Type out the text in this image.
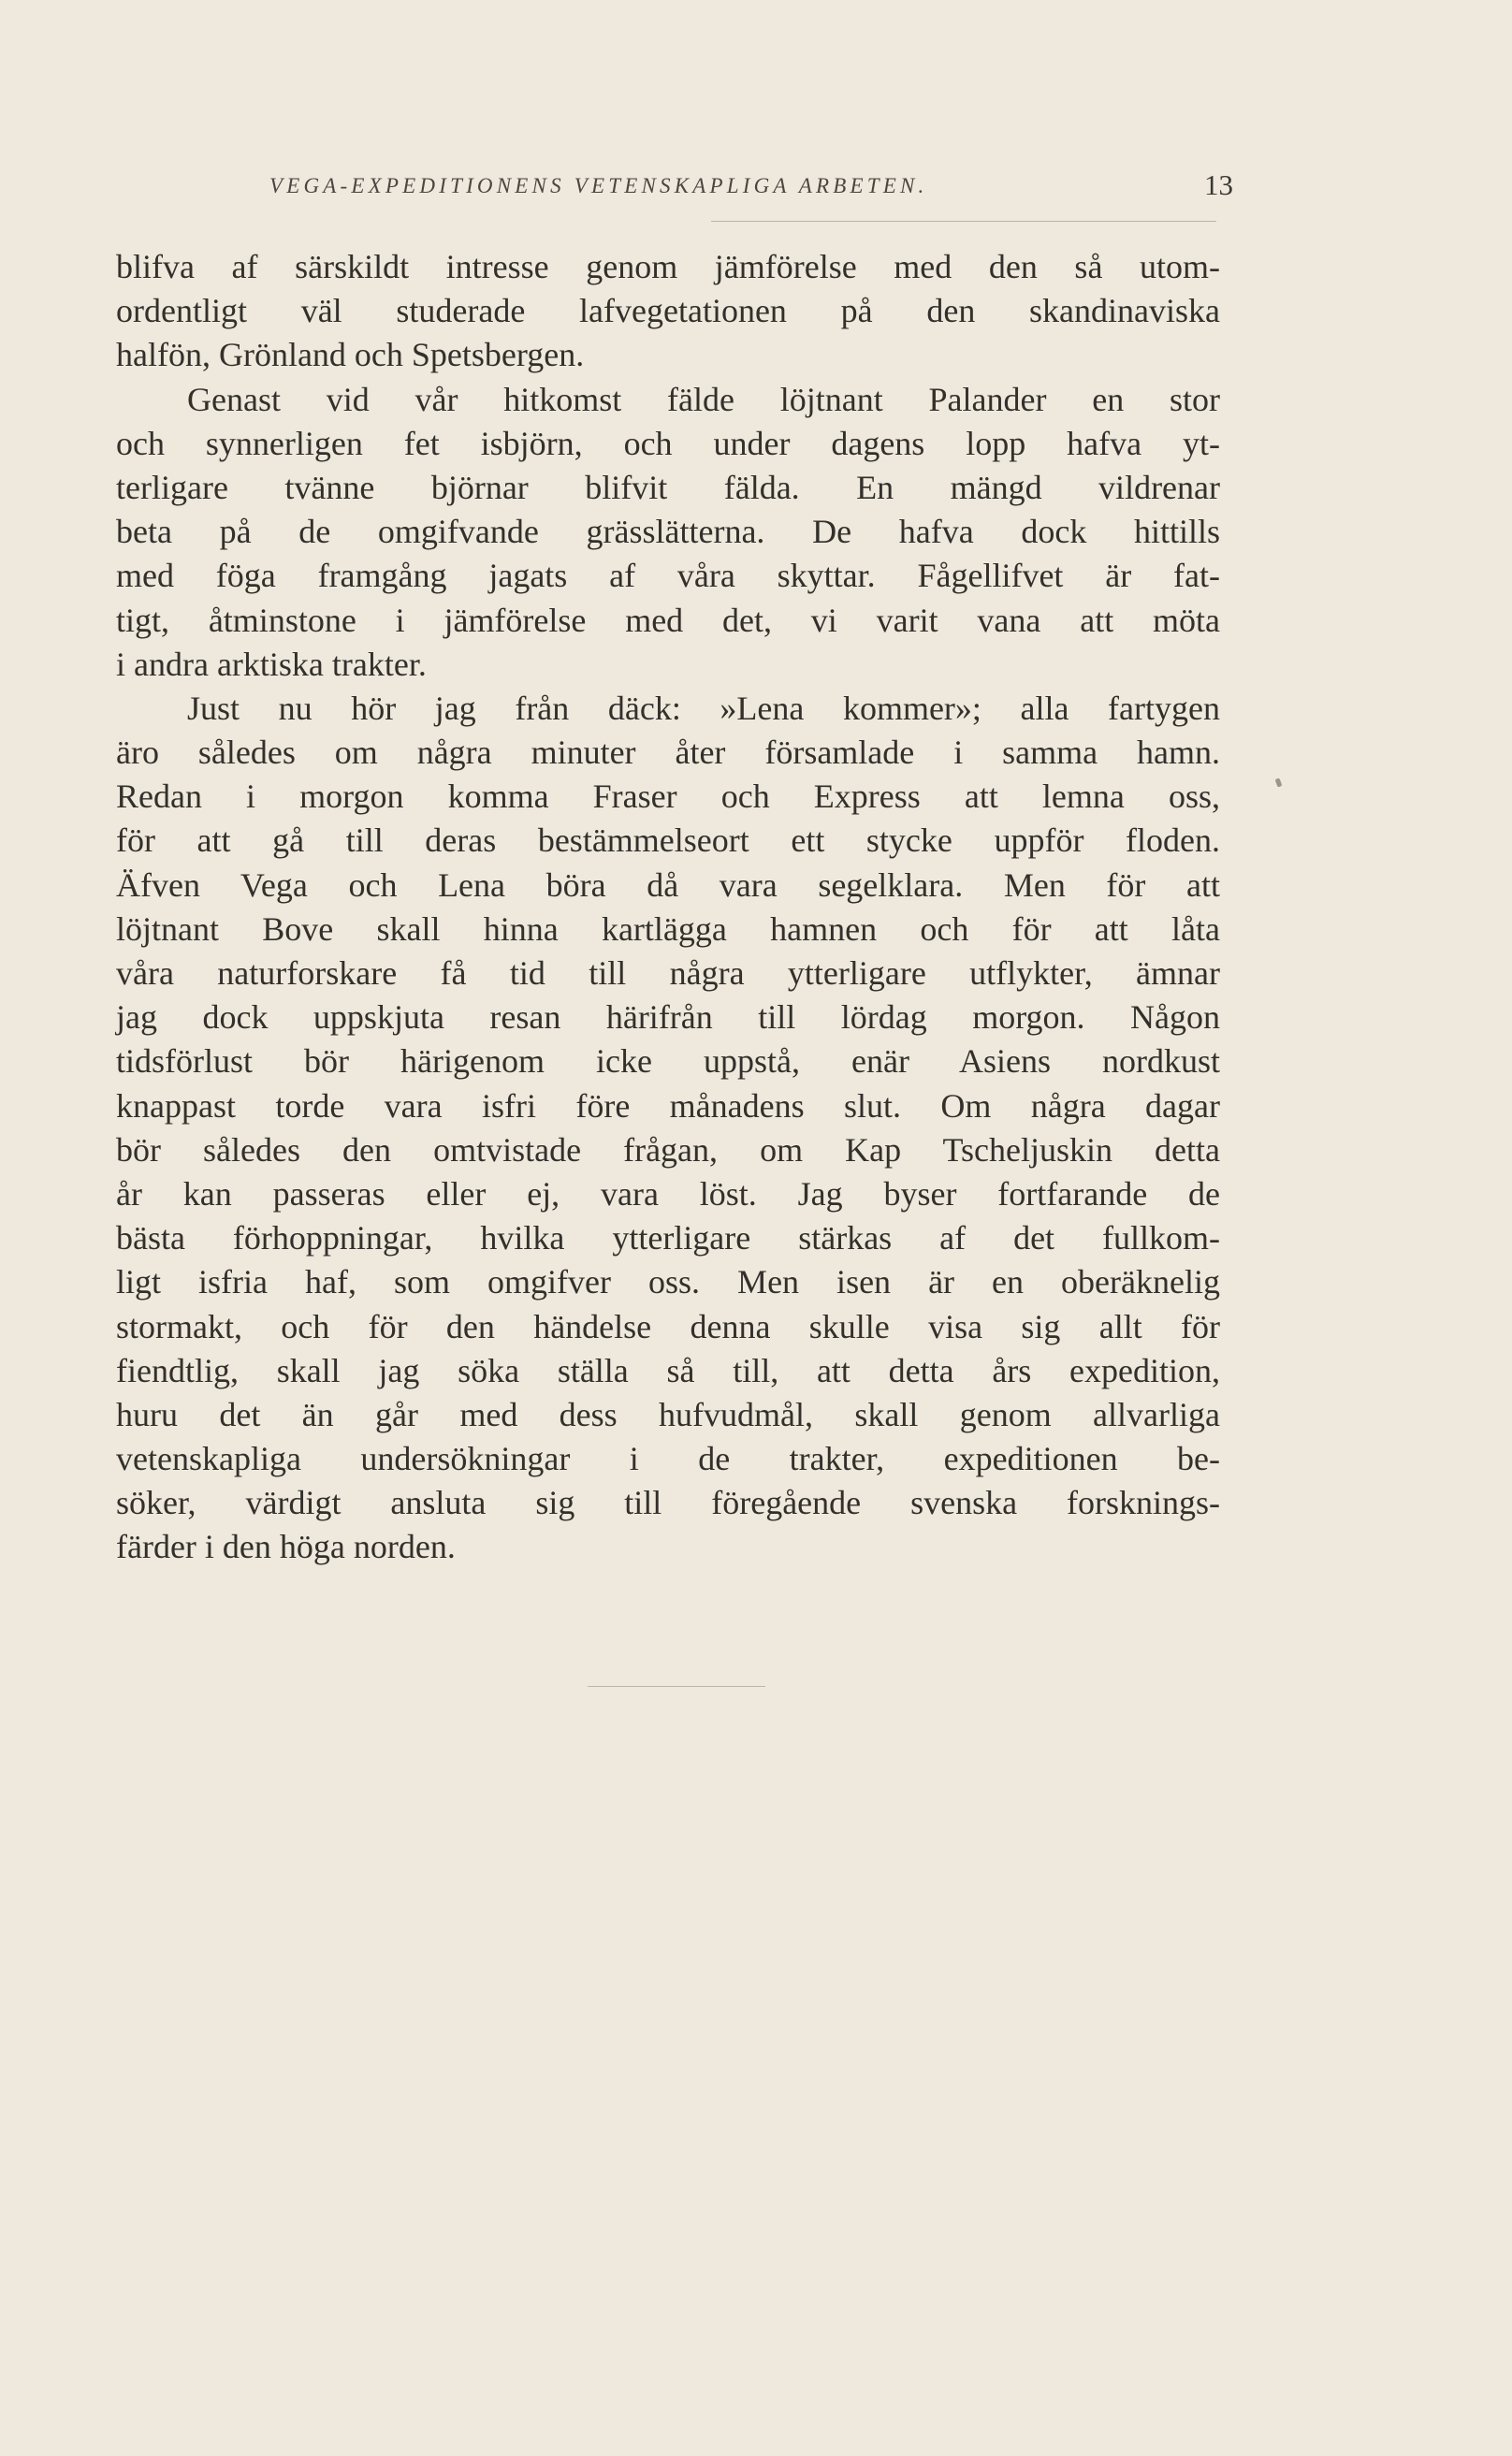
VEGA-EXPEDITIONENS VETENSKAPLIGA ARBETEN.	13
blifva af särskildt intresse genom jämförelse med den så utom-
ordentligt väl studerade lafvegetationen på den skandinaviska
halfön, Grönland och Spetsbergen.
Genast vid vår hitkomst fälde löjtnant Palander en stor
och synnerligen fet isbjörn, och under dagens lopp hafva yt-
terligare tvänne björnar blifvit fälda. En mängd vildrenar
beta på de omgifvande grässlätterna. De hafva dock hittills
med föga framgång jagats af våra skyttar. Fågellifvet är fat-
tigt, åtminstone i jämförelse med det, vi varit vana att möta
i andra arktiska trakter.
Just nu hör jag från däck: »Lena kommer»; alla fartygen
äro således om några minuter åter församlade i samma hamn.
Redan i morgon komma Fraser och Express att lemna oss,
för att gå till deras bestämmelseort ett stycke uppför floden.
Äfven Vega och Lena böra då vara segelklara. Men för att
löjtnant Bove skall hinna kartlägga hamnen och för att låta
våra naturforskare få tid till några ytterligare utflykter, ämnar
jag dock uppskjuta resan härifrån till lördag morgon. Någon
tidsförlust bör härigenom icke uppstå, enär Asiens nordkust
knappast torde vara isfri före månadens slut. Om några dagar
bör således den omtvistade frågan, om Kap Tscheljuskin detta
år kan passeras eller ej, vara löst. Jag byser fortfarande de
bästa förhoppningar, hvilka ytterligare stärkas af det fullkom-
ligt isfria haf, som omgifver oss. Men isen är en oberäknelig
stormakt, och för den händelse denna skulle visa sig allt för
fiendtlig, skall jag söka ställa så till, att detta års expedition,
huru det än går med dess hufvudmål, skall genom allvarliga
vetenskapliga undersökningar i de trakter, expeditionen be-
söker, värdigt ansluta sig till föregående svenska forsknings-
färder i den höga norden.
